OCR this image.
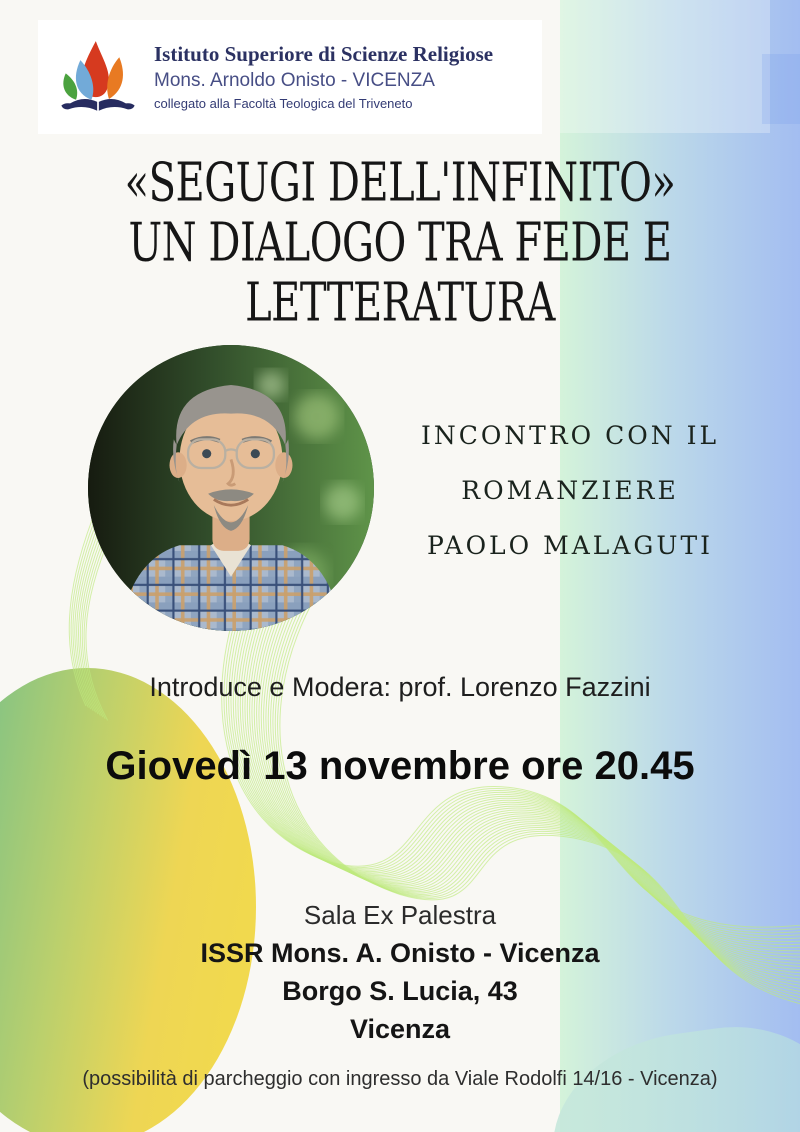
Istituto Superiore di Scienze Religiose
Mons. Arnoldo Onisto - VICENZA
collegato alla Facoltà Teologica del Triveneto
«SEGUGI DELL'INFINITO»
UN DIALOGO TRA FEDE E
LETTERATURA
INCONTRO CON IL
ROMANZIERE
PAOLO MALAGUTI
Introduce e Modera: prof. Lorenzo Fazzini
Giovedì 13 novembre ore 20.45
Sala Ex Palestra
ISSR Mons. A. Onisto - Vicenza
Borgo S. Lucia, 43
Vicenza
(possibilità di parcheggio con ingresso da Viale Rodolfi 14/16 - Vicenza)
